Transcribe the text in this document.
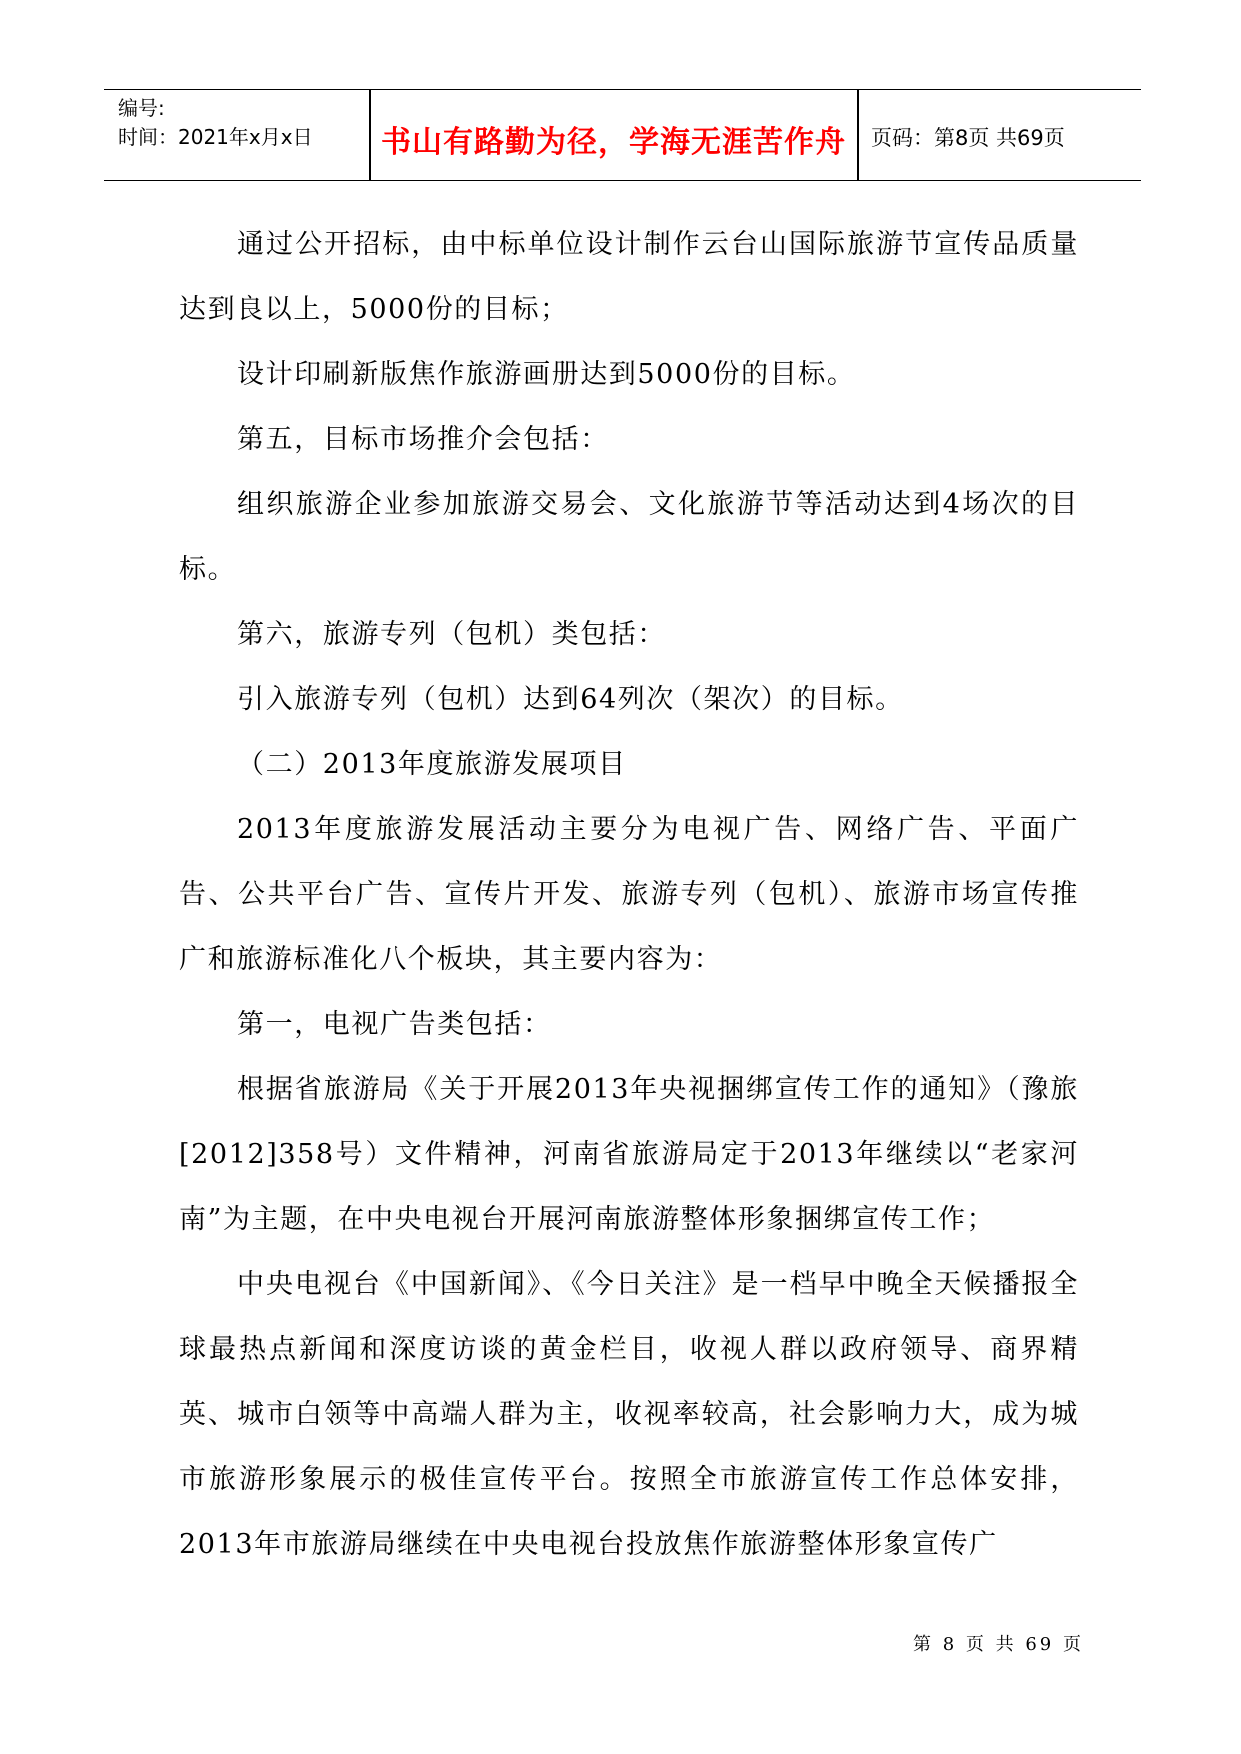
编号:
时间：2021年x月x日	书山有路勤为径，学海无涯苦作舟	页码：第8页 共69页

通过公开招标，由中标单位设计制作云台山国际旅游节宣传品质量达到良以上，5000份的目标；

设计印刷新版焦作旅游画册达到5000份的目标。

第五，目标市场推介会包括：

组织旅游企业参加旅游交易会、文化旅游节等活动达到4场次的目标。

第六，旅游专列（包机）类包括：

引入旅游专列（包机）达到64列次（架次）的目标。

（二）2013年度旅游发展项目

2013年度旅游发展活动主要分为电视广告、网络广告、平面广告、公共平台广告、宣传片开发、旅游专列（包机）、旅游市场宣传推广和旅游标准化八个板块，其主要内容为：

第一，电视广告类包括：

根据省旅游局《关于开展2013年央视捆绑宣传工作的通知》（豫旅[2012]358号）文件精神，河南省旅游局定于2013年继续以“老家河南”为主题，在中央电视台开展河南旅游整体形象捆绑宣传工作；

中央电视台《中国新闻》、《今日关注》是一档早中晚全天候播报全球最热点新闻和深度访谈的黄金栏目，收视人群以政府领导、商界精英、城市白领等中高端人群为主，收视率较高，社会影响力大，成为城市旅游形象展示的极佳宣传平台。按照全市旅游宣传工作总体安排，2013年市旅游局继续在中央电视台投放焦作旅游整体形象宣传广

第 8 页 共 69 页
